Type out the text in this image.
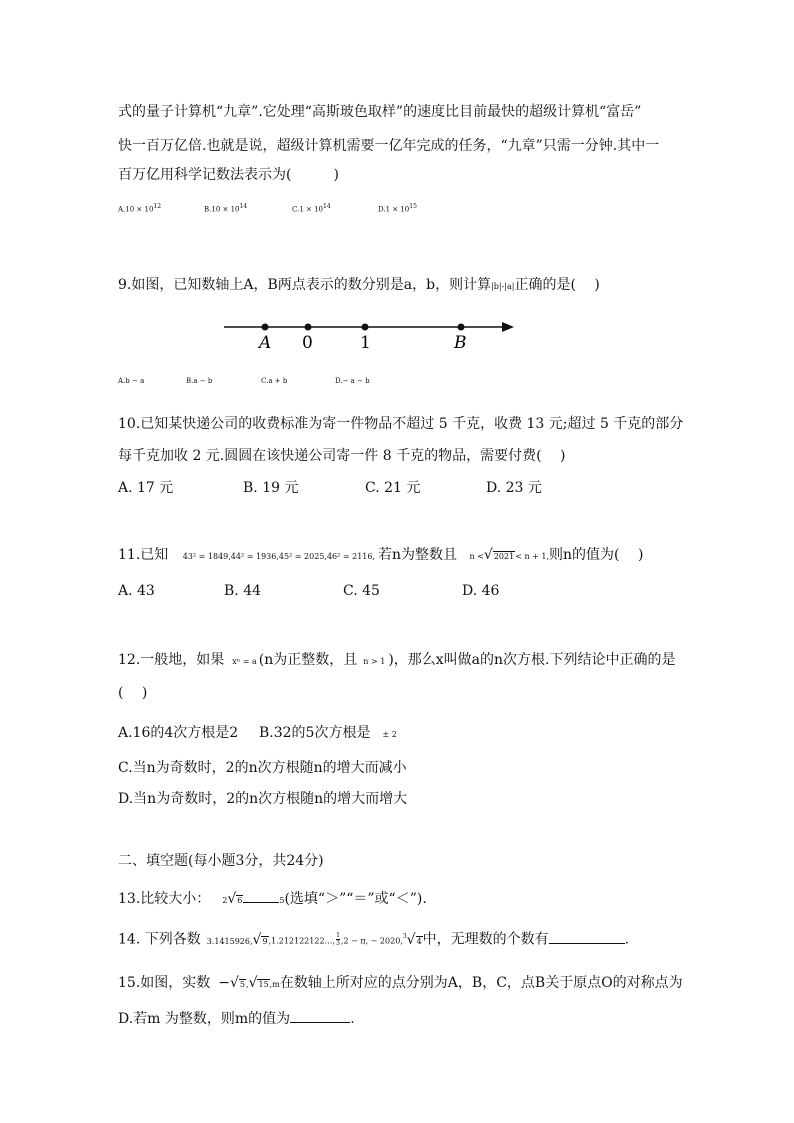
式的量子计算机“九章”.它处理“高斯玻色取样”的速度比目前最快的超级计算机“富岳”
快一百万亿倍.也就是说，超级计算机需要一亿年完成的任务，“九章”只需一分钟.其中一
百万亿用科学记数法表示为(　　　)
$A.10 \times 10^{12}$	$B.10 \times 10^{14}$	$C.1 \times 10^{14}$	$D.1 \times 10^{15}$
9.如图，已知数轴上A，B两点表示的数分别是a，b，则计算|b|-|a|正确的是(　 )
A 0	1	B
A.b − a	B.a − b	C.a + b	D.− a − b
10.已知某快递公司的收费标准为寄一件物品不超过 5 千克，收费 13 元;超过 5 千克的部分
每千克加收 2 元.圆圆在该快递公司寄一件 8 千克的物品，需要付费(　 )
A. 17 元	B. 19 元	C. 21 元	D. 23 元
11.已知 43² = 1849,44² = 1936,45² = 2025,46² = 2116, 若n为整数且 n <√2021< n + 1,则n的值为(　 )
A. 43	B. 44	C. 45	D. 46
12.一般地，如果 xⁿ = a (n为正整数，且 n > 1 )，那么x叫做a的n次方根.下列结论中正确的是
(　 )
A.16的4次方根是2 B.32的5次方根是 ± 2
C.当n为奇数时，2的n次方根随n的增大而减小
D.当n为奇数时，2的n次方根随n的增大而增大
二、填空题(每小题3分，共24分)
13.比较大小： 2√6	5(选填“＞”“＝”或“＜”).
14. 下列各数 3.1415926,√9,1.212122122…, $\frac{1}{3} ,2 - \pi$, − 2020,$^3$√4中，无理数的个数有	.
15.如图，实数 −√5,√15,m在数轴上所对应的点分别为A，B，C，点B关于原点O的对称点为
D.若m 为整数，则m的值为	.
